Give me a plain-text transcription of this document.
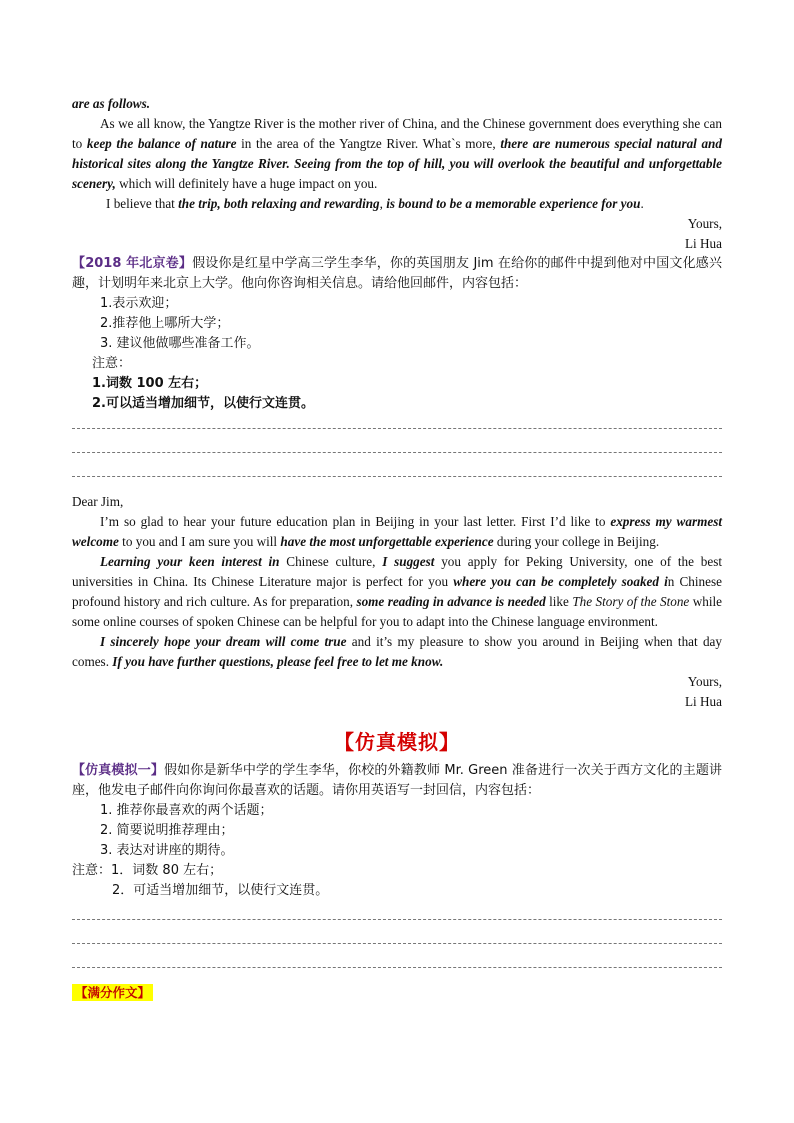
are as follows.

As we all know, the Yangtze River is the mother river of China, and the Chinese government does everything she can to keep the balance of nature in the area of the Yangtze River. What`s more, there are numerous special natural and historical sites along the Yangtze River. Seeing from the top of hill, you will overlook the beautiful and unforgettable scenery, which will definitely have a huge impact on you.

I believe that the trip, both relaxing and rewarding, is bound to be a memorable experience for you.

Yours,

Li Hua

【2018 年北京卷】假设你是红星中学高三学生李华，你的英国朋友 Jim 在给你的邮件中提到他对中国文化感兴趣，计划明年来北京上大学。他向你咨询相关信息。请给他回邮件，内容包括：

1.表示欢迎；

2.推荐他上哪所大学；

3. 建议他做哪些准备工作。

注意：

1.词数 100 左右；

2.可以适当增加细节，以使行文连贯。

Dear Jim,

I’m so glad to hear your future education plan in Beijing in your last letter. First I’d like to express my warmest welcome to you and I am sure you will have the most unforgettable experience during your college in Beijing.

Learning your keen interest in Chinese culture, I suggest you apply for Peking University, one of the best universities in China. Its Chinese Literature major is perfect for you where you can be completely soaked in Chinese profound history and rich culture. As for preparation, some reading in advance is needed like The Story of the Stone while some online courses of spoken Chinese can be helpful for you to adapt into the Chinese language environment.

I sincerely hope your dream will come true and it’s my pleasure to show you around in Beijing when that day comes. If you have further questions, please feel free to let me know.

Yours,

Li Hua

【仿真模拟】

【仿真模拟一】假如你是新华中学的学生李华，你校的外籍教师 Mr. Green 准备进行一次关于西方文化的主题讲座，他发电子邮件向你询问你最喜欢的话题。请你用英语写一封回信，内容包括：

1. 推荐你最喜欢的两个话题；

2. 简要说明推荐理由；

3. 表达对讲座的期待。

注意：1．词数 80 左右；

2．可适当增加细节，以使行文连贯。

【满分作文】
